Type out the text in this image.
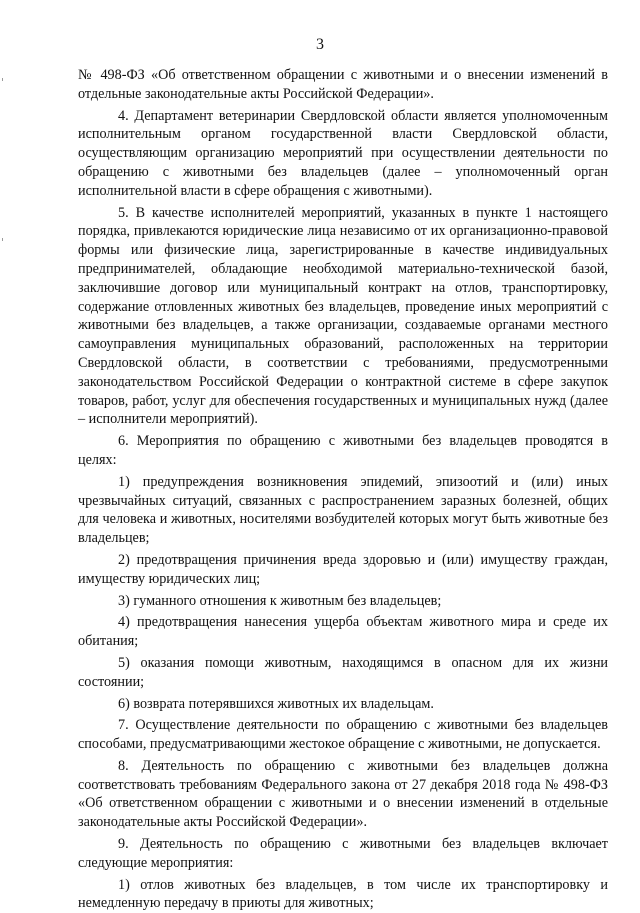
3

№ 498-ФЗ «Об ответственном обращении с животными и о внесении изменений в отдельные законодательные акты Российской Федерации».

4. Департамент ветеринарии Свердловской области является уполномоченным исполнительным органом государственной власти Свердловской области, осуществляющим организацию мероприятий при осуществлении деятельности по обращению с животными без владельцев (далее – уполномоченный орган исполнительной власти в сфере обращения с животными).

5. В качестве исполнителей мероприятий, указанных в пункте 1 настоящего порядка, привлекаются юридические лица независимо от их организационно-правовой формы или физические лица, зарегистрированные в качестве индивидуальных предпринимателей, обладающие необходимой материально-технической базой, заключившие договор или муниципальный контракт на отлов, транспортировку, содержание отловленных животных без владельцев, проведение иных мероприятий с животными без владельцев, а также организации, создаваемые органами местного самоуправления муниципальных образований, расположенных на территории Свердловской области, в соответствии с требованиями, предусмотренными законодательством Российской Федерации о контрактной системе в сфере закупок товаров, работ, услуг для обеспечения государственных и муниципальных нужд (далее – исполнители мероприятий).

6. Мероприятия по обращению с животными без владельцев проводятся в целях:

1) предупреждения возникновения эпидемий, эпизоотий и (или) иных чрезвычайных ситуаций, связанных с распространением заразных болезней, общих для человека и животных, носителями возбудителей которых могут быть животные без владельцев;

2) предотвращения причинения вреда здоровью и (или) имуществу граждан, имуществу юридических лиц;

3) гуманного отношения к животным без владельцев;

4) предотвращения нанесения ущерба объектам животного мира и среде их обитания;

5) оказания помощи животным, находящимся в опасном для их жизни состоянии;

6) возврата потерявшихся животных их владельцам.

7. Осуществление деятельности по обращению с животными без владельцев способами, предусматривающими жестокое обращение с животными, не допускается.

8. Деятельность по обращению с животными без владельцев должна соответствовать требованиям Федерального закона от 27 декабря 2018 года № 498-ФЗ «Об ответственном обращении с животными и о внесении изменений в отдельные законодательные акты Российской Федерации».

9. Деятельность по обращению с животными без владельцев включает следующие мероприятия:

1) отлов животных без владельцев, в том числе их транспортировку и немедленную передачу в приюты для животных;
